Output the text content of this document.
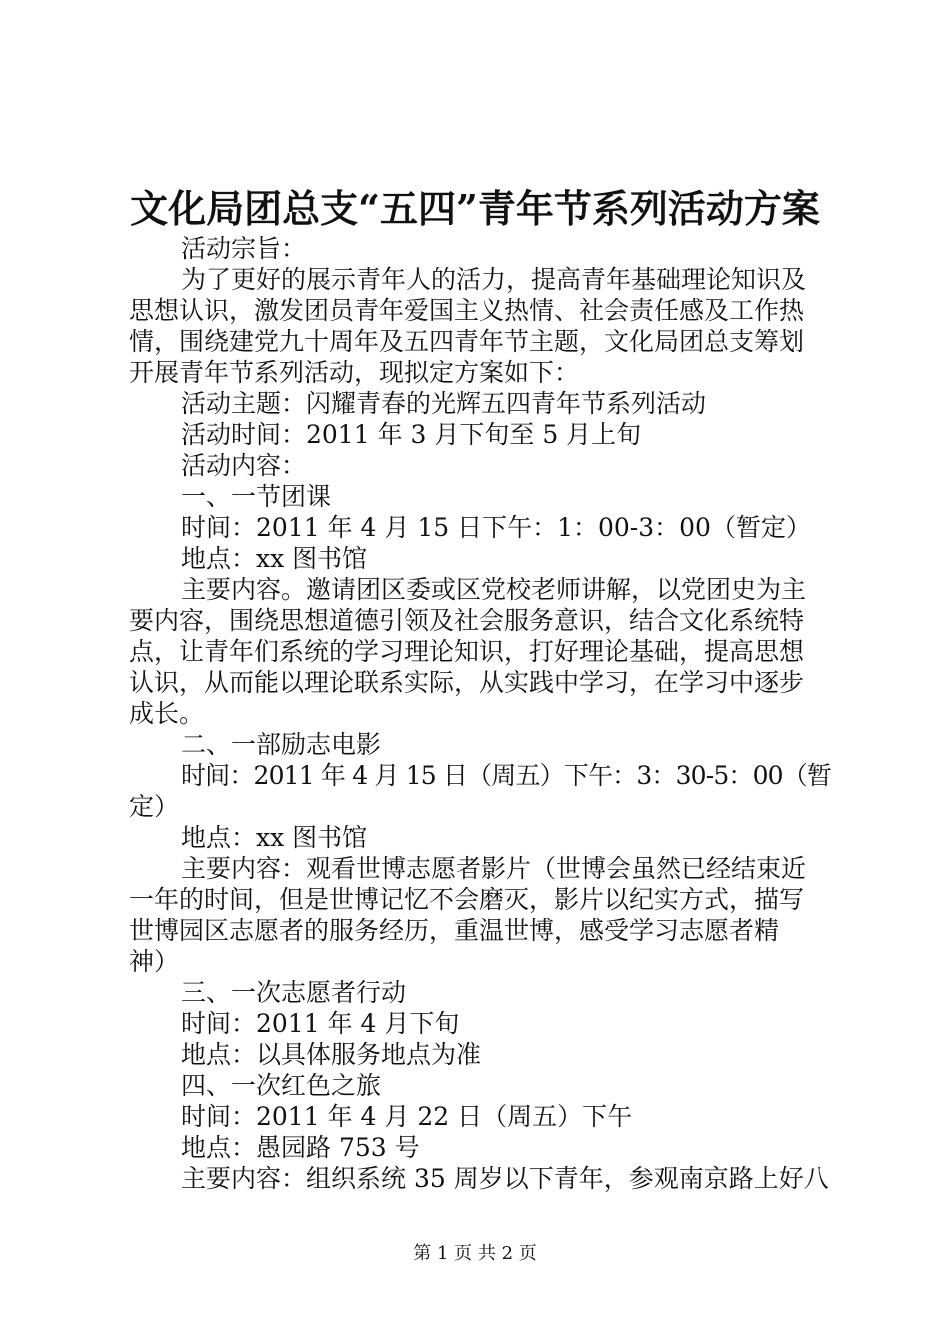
文化局团总支“五四”青年节系列活动方案
活动宗旨：
为了更好的展示青年人的活力，提高青年基础理论知识及
思想认识，激发团员青年爱国主义热情、社会责任感及工作热
情，围绕建党九十周年及五四青年节主题，文化局团总支筹划
开展青年节系列活动，现拟定方案如下：
活动主题：闪耀青春的光辉五四青年节系列活动
活动时间：2011 年 3 月下旬至 5 月上旬
活动内容：
一、一节团课
时间：2011 年 4 月 15 日下午：1：00-3：00（暂定）
地点：xx 图书馆
主要内容。邀请团区委或区党校老师讲解，以党团史为主
要内容，围绕思想道德引领及社会服务意识，结合文化系统特
点，让青年们系统的学习理论知识，打好理论基础，提高思想
认识，从而能以理论联系实际，从实践中学习，在学习中逐步
成长。
二、一部励志电影
时间：2011 年 4 月 15 日（周五）下午：3：30-5：00（暂
定）
地点：xx 图书馆
主要内容：观看世博志愿者影片（世博会虽然已经结束近
一年的时间，但是世博记忆不会磨灭，影片以纪实方式，描写
世博园区志愿者的服务经历，重温世博，感受学习志愿者精
神）
三、一次志愿者行动
时间：2011 年 4 月下旬
地点：以具体服务地点为准
四、一次红色之旅
时间：2011 年 4 月 22 日（周五）下午
地点：愚园路 753 号
主要内容：组织系统 35 周岁以下青年，参观南京路上好八
第 1 页 共 2 页
